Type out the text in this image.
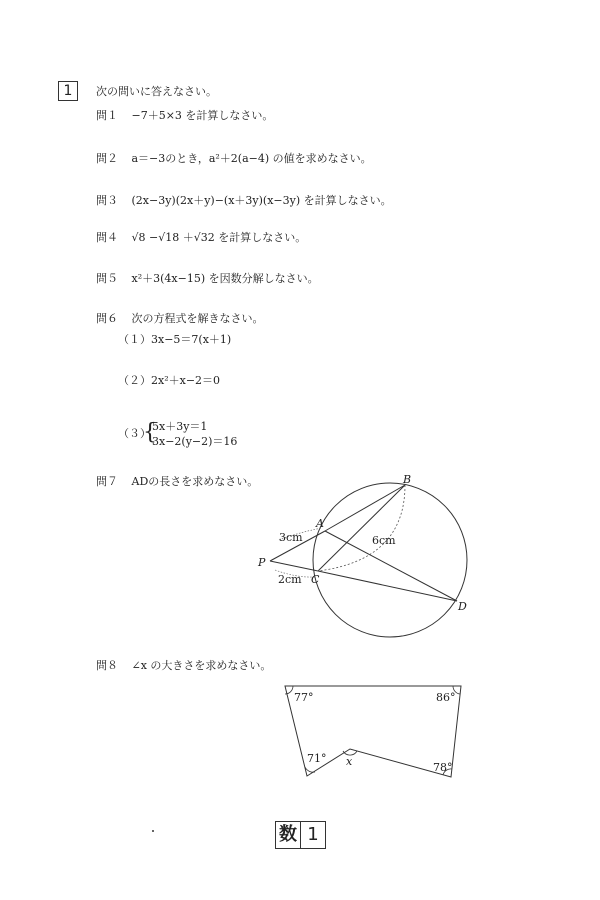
1	次の問いに答えなさい。
問１ −7＋5×3 を計算しなさい。
問２ a＝−3のとき，a²＋2(a−4) の値を求めなさい。
問３ (2x−3y)(2x＋y)−(x＋3y)(x−3y) を計算しなさい。
問４ √8 −√18 ＋√32 を計算しなさい。
問５ x²＋3(4x−15) を因数分解しなさい。
問６ 次の方程式を解きなさい。
（１）3x−5＝7(x＋1)
（２）2x²＋x−2＝0
（３）
{
5x＋3y＝1
3x−2(y−2)＝16
問７ ADの長さを求めなさい。
A
B
C
D
P
3cm
2cm
6cm
問８ ∠x の大きさを求めなさい。
77°	86°
71°
78°
x
数 1
